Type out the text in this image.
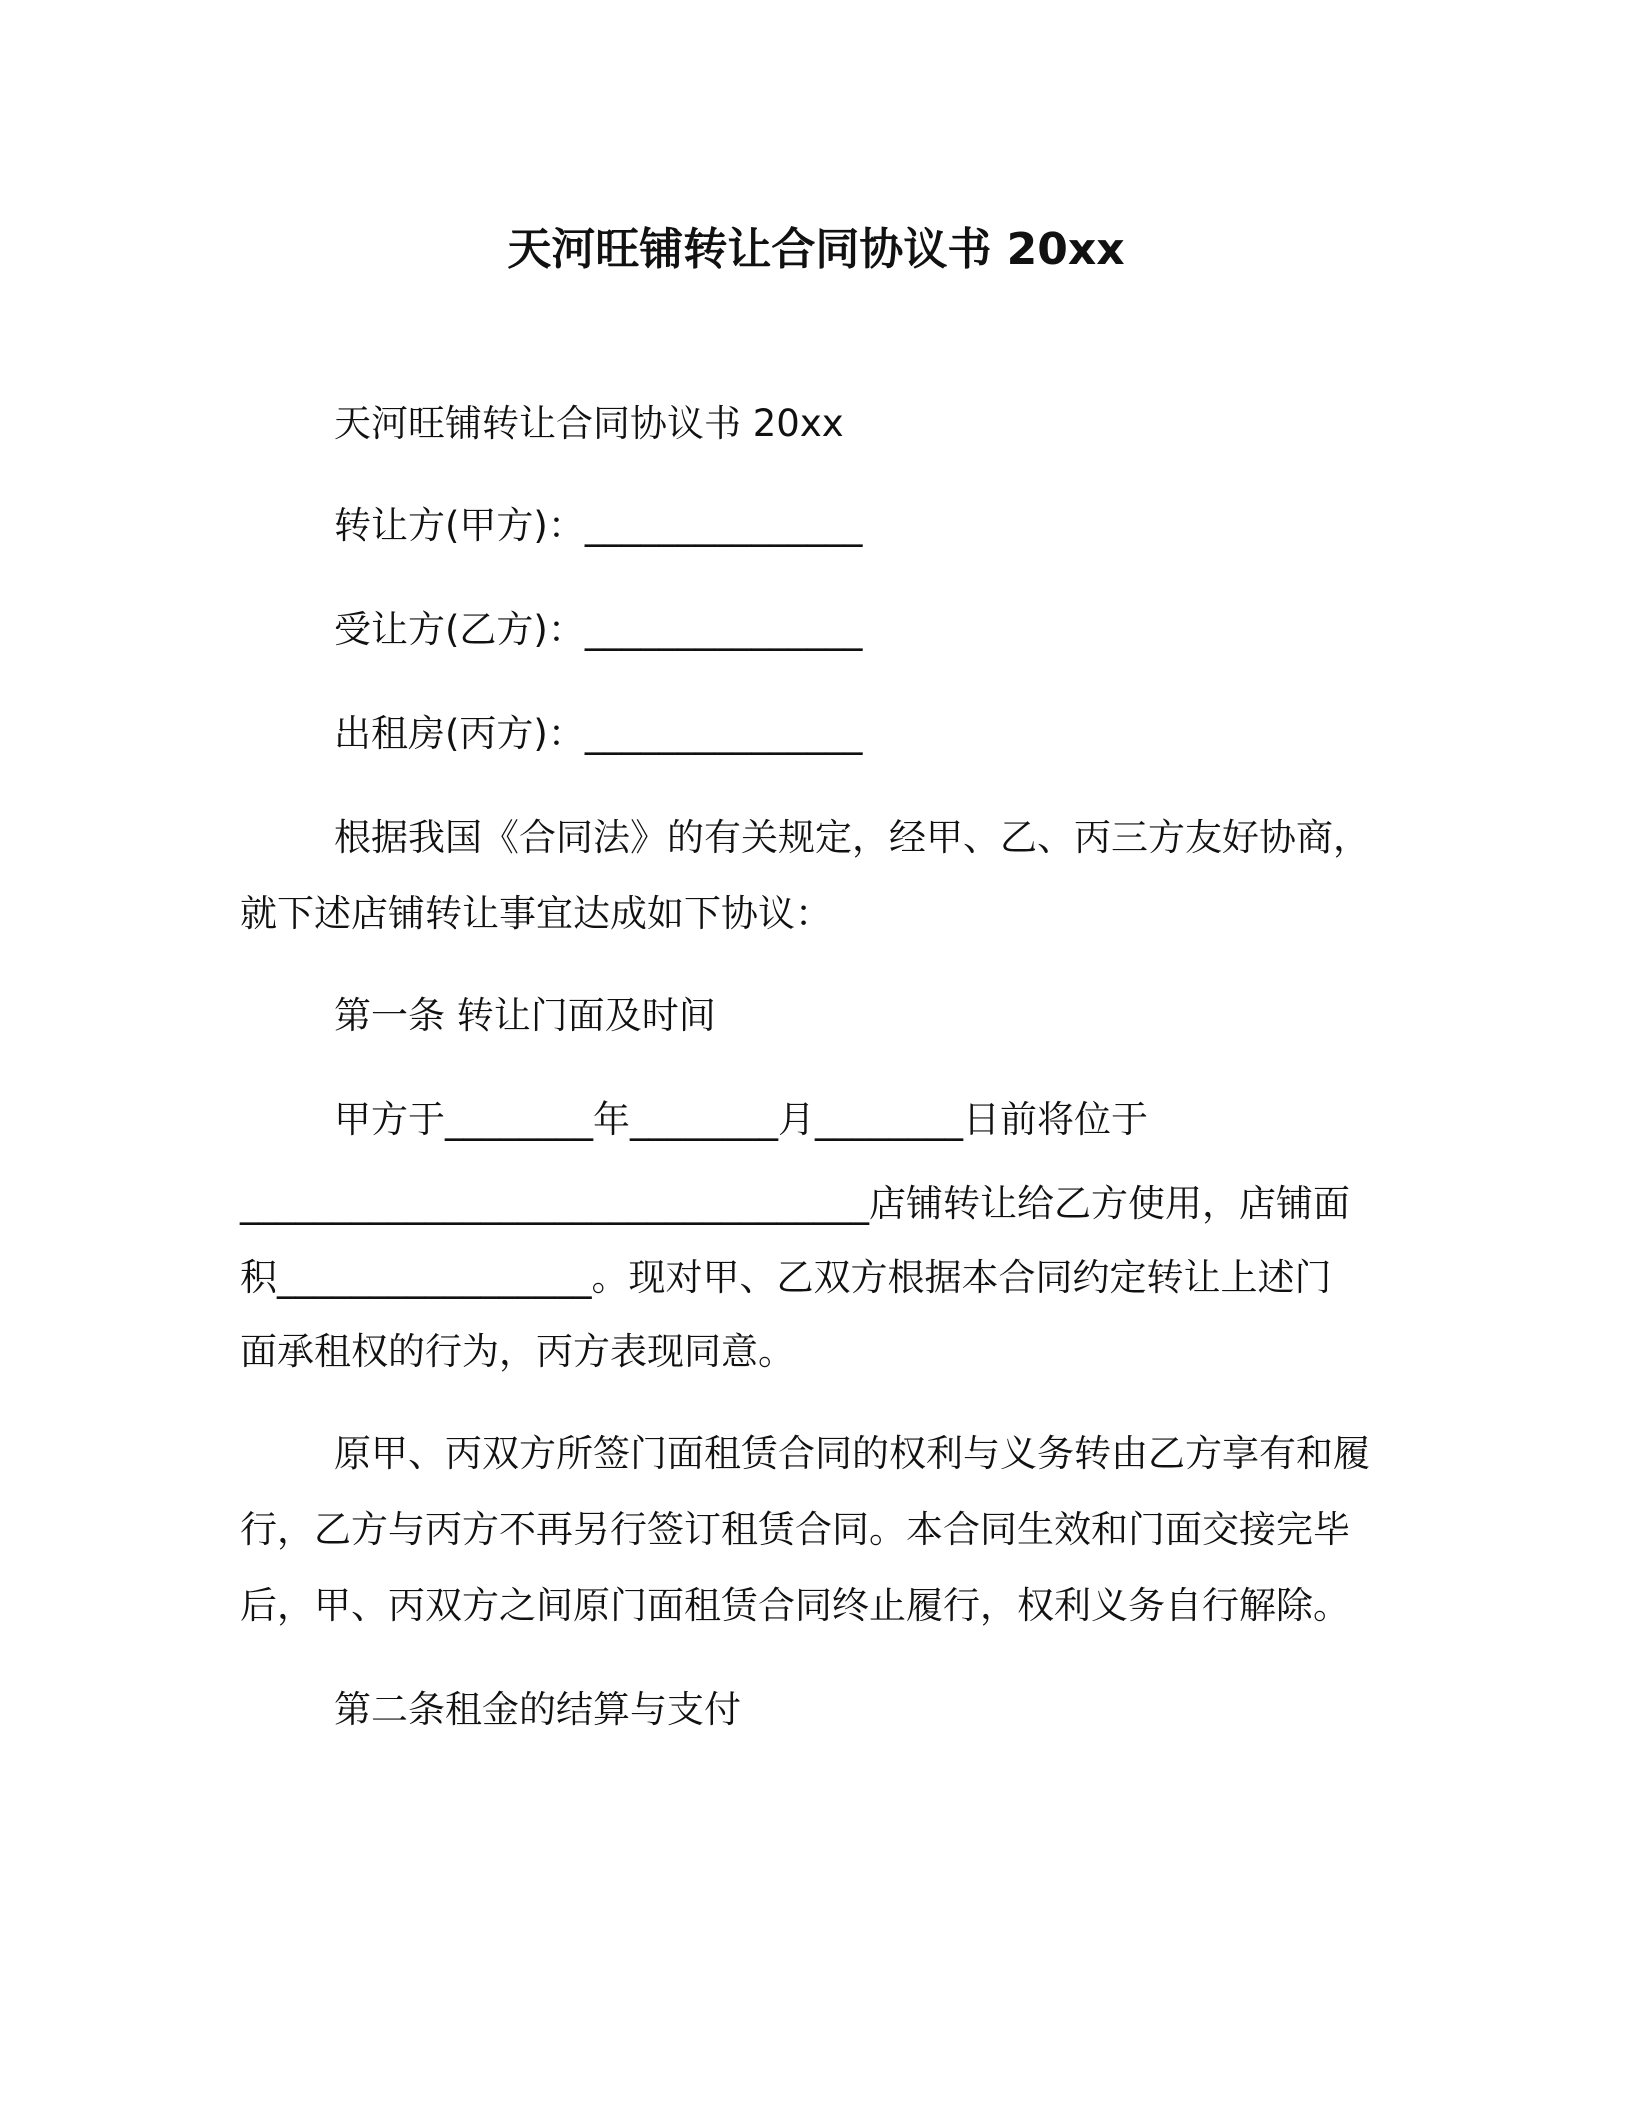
天河旺铺转让合同协议书 20xx
天河旺铺转让合同协议书 20xx
转让方(甲方)：_______________
受让方(乙方)：_______________
出租房(丙方)：_______________
根据我国《合同法》的有关规定，经甲、乙、丙三方友好协商，
就下述店铺转让事宜达成如下协议：
第一条 转让门面及时间
甲方于________年________月________日前将位于
__________________________________店铺转让给乙方使用，店铺面
积_________________。现对甲、乙双方根据本合同约定转让上述门
面承租权的行为，丙方表现同意。
原甲、丙双方所签门面租赁合同的权利与义务转由乙方享有和履
行，乙方与丙方不再另行签订租赁合同。本合同生效和门面交接完毕
后，甲、丙双方之间原门面租赁合同终止履行，权利义务自行解除。
第二条租金的结算与支付
